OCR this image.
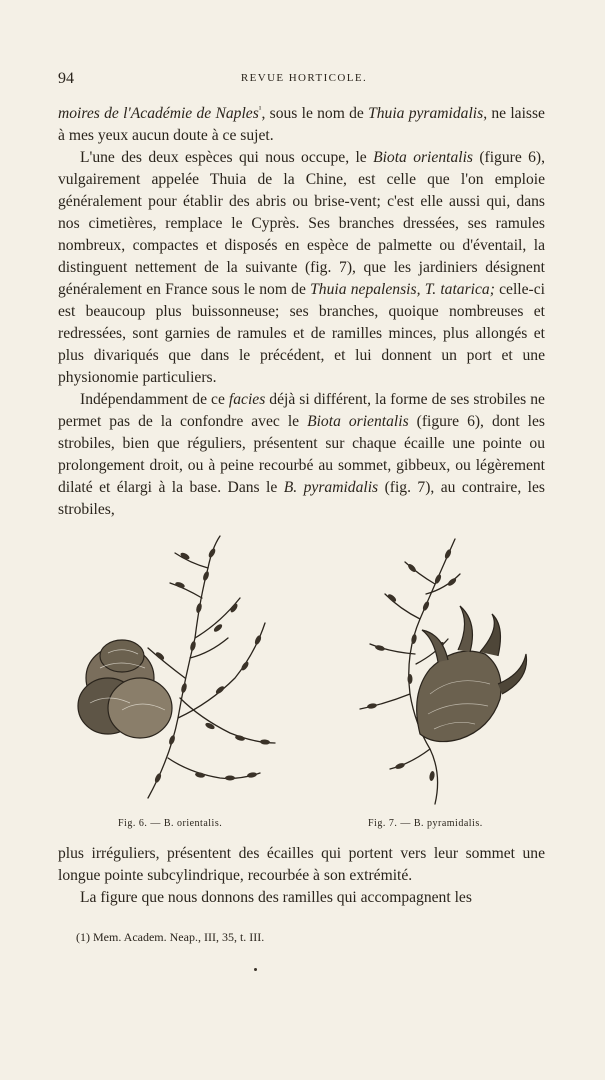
94	REVUE HORTICOLE.

moires de l'Académie de Naples$^{^1}$, sous le nom de Thuia pyramidalis, ne laisse à mes yeux aucun doute à ce sujet.

L'une des deux espèces qui nous occupe, le Biota orientalis (figure 6), vulgairement appelée Thuia de la Chine, est celle que l'on emploie généralement pour établir des abris ou brise-vent; c'est elle aussi qui, dans nos cimetières, remplace le Cyprès. Ses branches dressées, ses ramules nombreux, compactes et disposés en espèce de palmette ou d'éventail, la distinguent nettement de la suivante (fig. 7), que les jardiniers désignent généralement en France sous le nom de Thuia nepalensis, T. tatarica; celle-ci est beaucoup plus buissonneuse; ses branches, quoique nombreuses et redressées, sont garnies de ramules et de ramilles minces, plus allongés et plus divariqués que dans le précédent, et lui donnent un port et une physionomie particuliers.

Indépendamment de ce facies déjà si différent, la forme de ses strobiles ne permet pas de la confondre avec le Biota orientalis (figure 6), dont les strobiles, bien que réguliers, présentent sur chaque écaille une pointe ou prolongement droit, ou à peine recourbé au sommet, gibbeux, ou légèrement dilaté et élargi à la base. Dans le B. pyramidalis (fig. 7), au contraire, les strobiles,

Fig. 6. — B. orientalis.	Fig. 7. — B. pyramidalis.

plus irréguliers, présentent des écailles qui portent vers leur sommet une longue pointe subcylindrique, recourbée à son extrémité.

La figure que nous donnons des ramilles qui accompagnent les

(1) Mem. Academ. Neap., III, 35, t. III.
